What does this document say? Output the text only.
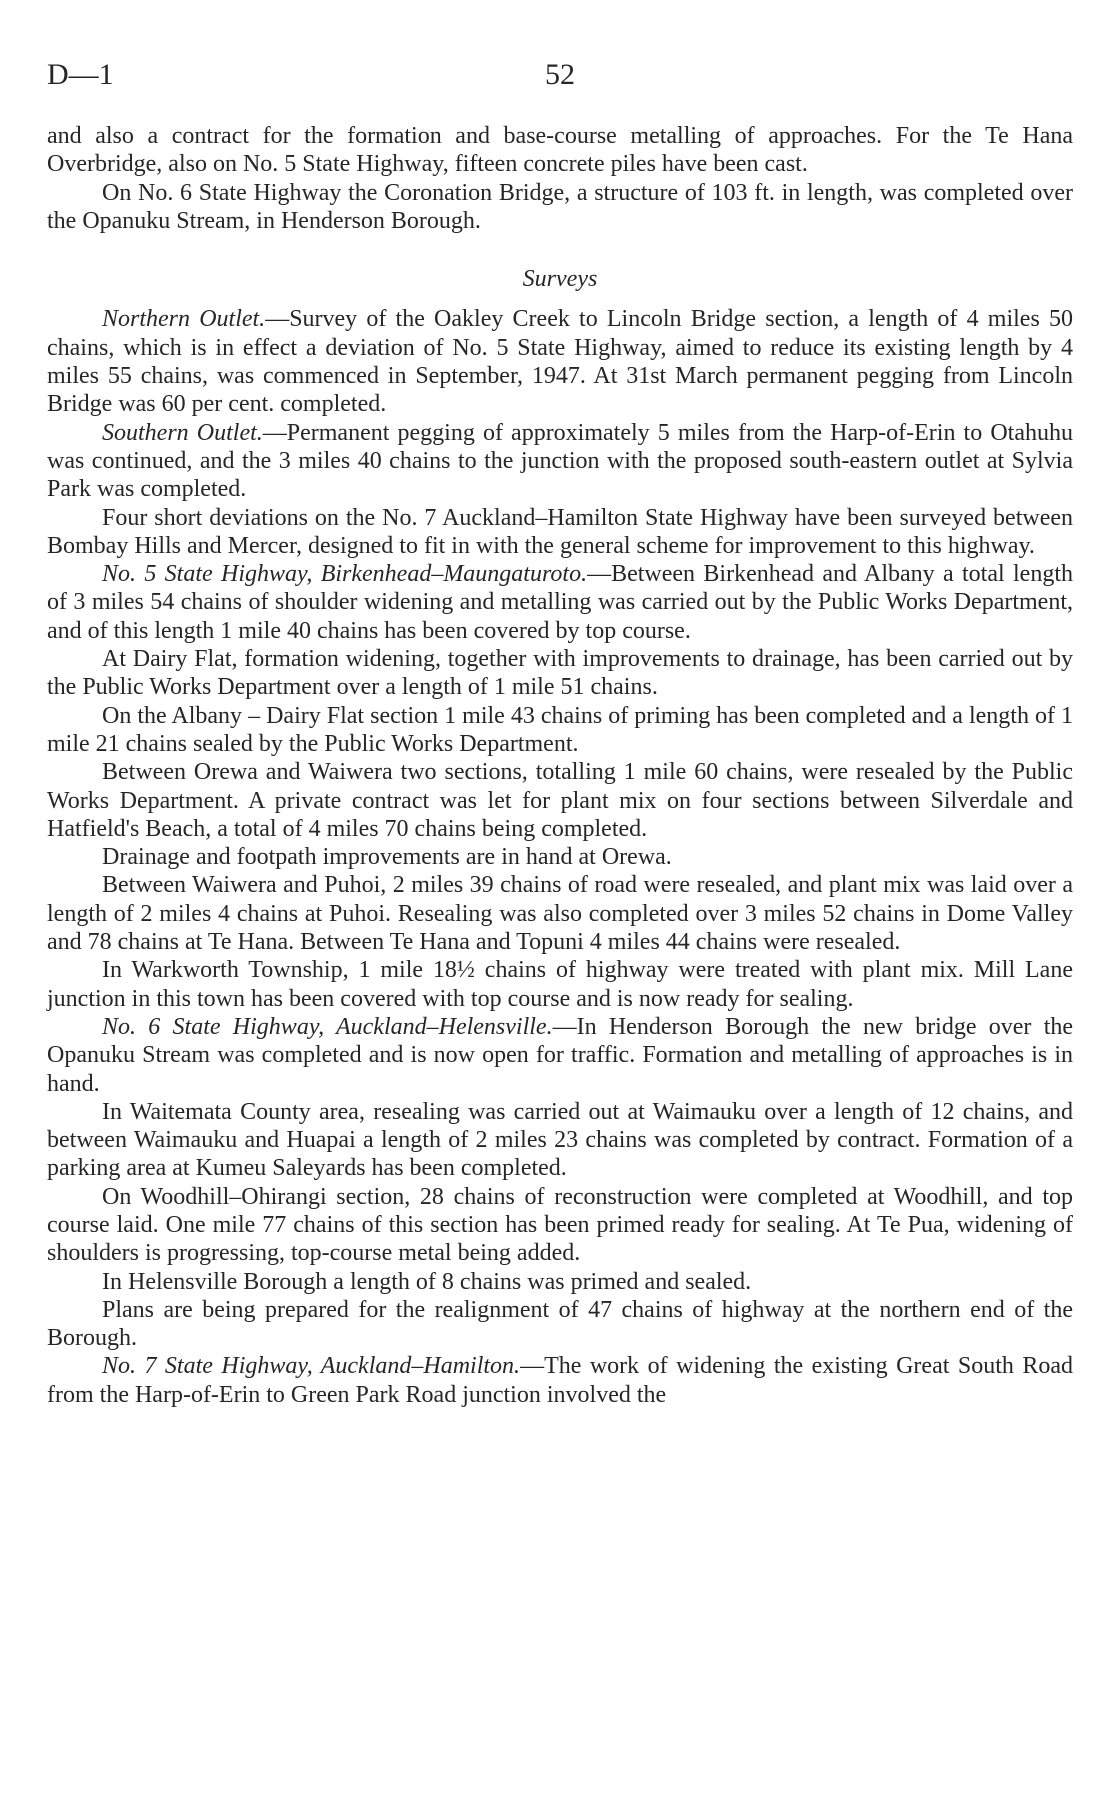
D—1	52

and also a contract for the formation and base-course metalling of approaches. For the Te Hana Overbridge, also on No. 5 State Highway, fifteen concrete piles have been cast.

On No. 6 State Highway the Coronation Bridge, a structure of 103 ft. in length, was completed over the Opanuku Stream, in Henderson Borough.

Surveys

Northern Outlet.—Survey of the Oakley Creek to Lincoln Bridge section, a length of 4 miles 50 chains, which is in effect a deviation of No. 5 State Highway, aimed to reduce its existing length by 4 miles 55 chains, was commenced in September, 1947. At 31st March permanent pegging from Lincoln Bridge was 60 per cent. completed.

Southern Outlet.—Permanent pegging of approximately 5 miles from the Harp-of-Erin to Otahuhu was continued, and the 3 miles 40 chains to the junction with the proposed south-eastern outlet at Sylvia Park was completed.

Four short deviations on the No. 7 Auckland–Hamilton State Highway have been surveyed between Bombay Hills and Mercer, designed to fit in with the general scheme for improvement to this highway.

No. 5 State Highway, Birkenhead–Maungaturoto.—Between Birkenhead and Albany a total length of 3 miles 54 chains of shoulder widening and metalling was carried out by the Public Works Department, and of this length 1 mile 40 chains has been covered by top course.

At Dairy Flat, formation widening, together with improvements to drainage, has been carried out by the Public Works Department over a length of 1 mile 51 chains.

On the Albany – Dairy Flat section 1 mile 43 chains of priming has been completed and a length of 1 mile 21 chains sealed by the Public Works Department.

Between Orewa and Waiwera two sections, totalling 1 mile 60 chains, were resealed by the Public Works Department. A private contract was let for plant mix on four sections between Silverdale and Hatfield's Beach, a total of 4 miles 70 chains being completed.

Drainage and footpath improvements are in hand at Orewa.

Between Waiwera and Puhoi, 2 miles 39 chains of road were resealed, and plant mix was laid over a length of 2 miles 4 chains at Puhoi. Resealing was also completed over 3 miles 52 chains in Dome Valley and 78 chains at Te Hana. Between Te Hana and Topuni 4 miles 44 chains were resealed.

In Warkworth Township, 1 mile 18½ chains of highway were treated with plant mix. Mill Lane junction in this town has been covered with top course and is now ready for sealing.

No. 6 State Highway, Auckland–Helensville.—In Henderson Borough the new bridge over the Opanuku Stream was completed and is now open for traffic. Formation and metalling of approaches is in hand.

In Waitemata County area, resealing was carried out at Waimauku over a length of 12 chains, and between Waimauku and Huapai a length of 2 miles 23 chains was completed by contract. Formation of a parking area at Kumeu Saleyards has been completed.

On Woodhill–Ohirangi section, 28 chains of reconstruction were completed at Woodhill, and top course laid. One mile 77 chains of this section has been primed ready for sealing. At Te Pua, widening of shoulders is progressing, top-course metal being added.

In Helensville Borough a length of 8 chains was primed and sealed.

Plans are being prepared for the realignment of 47 chains of highway at the northern end of the Borough.

No. 7 State Highway, Auckland–Hamilton.—The work of widening the existing Great South Road from the Harp-of-Erin to Green Park Road junction involved the
